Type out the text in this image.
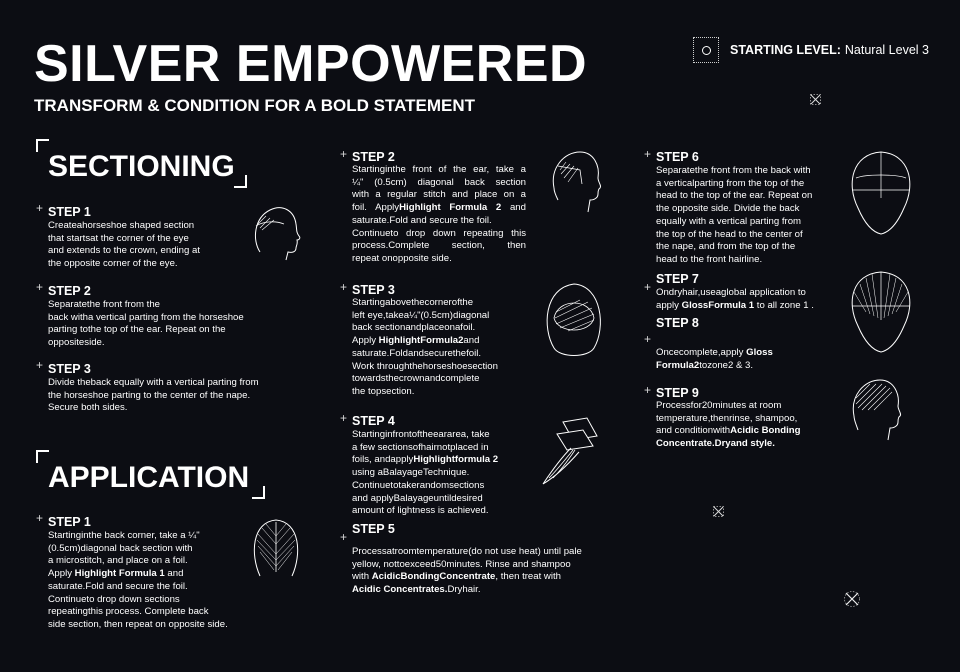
SILVER EMPOWERED
TRANSFORM & CONDITION FOR A BOLD STATEMENT
STARTING LEVEL: Natural Level 3
SECTIONING
+ STEP 1
Createahorseshoe shaped section
that startsat the corner of the eye
and extends to the crown, ending at
the opposite corner of the eye.
+ STEP 2
Separatethe front from the
back witha vertical parting from the horseshoe
parting tothe top of the ear. Repeat on the
oppositeside.
+ STEP 3
Divide theback equally with a vertical parting from
the horseshoe parting to the center of the nape.
Secure both sides.
APPLICATION
+ STEP 1
Startinginthe back corner, take a ¼"
(0.5cm)diagonal back section with
a microstitch, and place on a foil.
Apply Highlight Formula 1 and
saturate.Fold and secure the foil.
Continueto drop down sections
repeatingthis process. Complete back
side section, then repeat on opposite side.
+ STEP 2
Startinginthe front of the ear, take a
¼" (0.5cm) diagonal back section
with a regular stitch and place on a
foil. ApplyHighlight Formula 2 and
saturate.Fold and secure the foil.
Continueto drop down repeating this
process.Complete section, then
repeat onopposite side.
+ STEP 3
Startingabovethecornerofthe
left eye,takea¼"(0.5cm)diagonal
back sectionandplaceonafoil.
Apply HighlightFormula2and
saturate.Foldandsecurethefoil.
Work throughthehorseshoesection
towardsthecrownandcomplete
the topsection.
+ STEP 4
Startinginfrontoftheeararea, take
a few sectionsofhairnotplaced in
foils, andapplyHighlightformula 2
using aBalayageTechnique.
Continuetotakerandomsections
and applyBalayageuntildesired
amount of lightness is achieved.
STEP 5
+
Processatroomtemperature(do not use heat) until pale
yellow, nottoexceed50minutes. Rinse and shampoo
with AcidicBondingConcentrate, then treat with
Acidic Concentrates.Dryhair.
+ STEP 6
Separatethe front from the back with
a verticalparting from the top of the
head to the top of the ear. Repeat on
the opposite side. Divide the back
equally with a vertical parting from
the top of the head to the center of
the nape, and from the top of the
head to the front hairline.
STEP 7
+ Ondryhair,useaglobal application to
apply GlossFormula 1 to all zone 1 .
STEP 8
+
Oncecomplete,apply Gloss
Formula2tozone2 & 3.
+ STEP 9
Processfor20minutes at room
temperature,thenrinse, shampoo,
and conditionwithAcidic Bonding
Concentrate.Dryand style.
